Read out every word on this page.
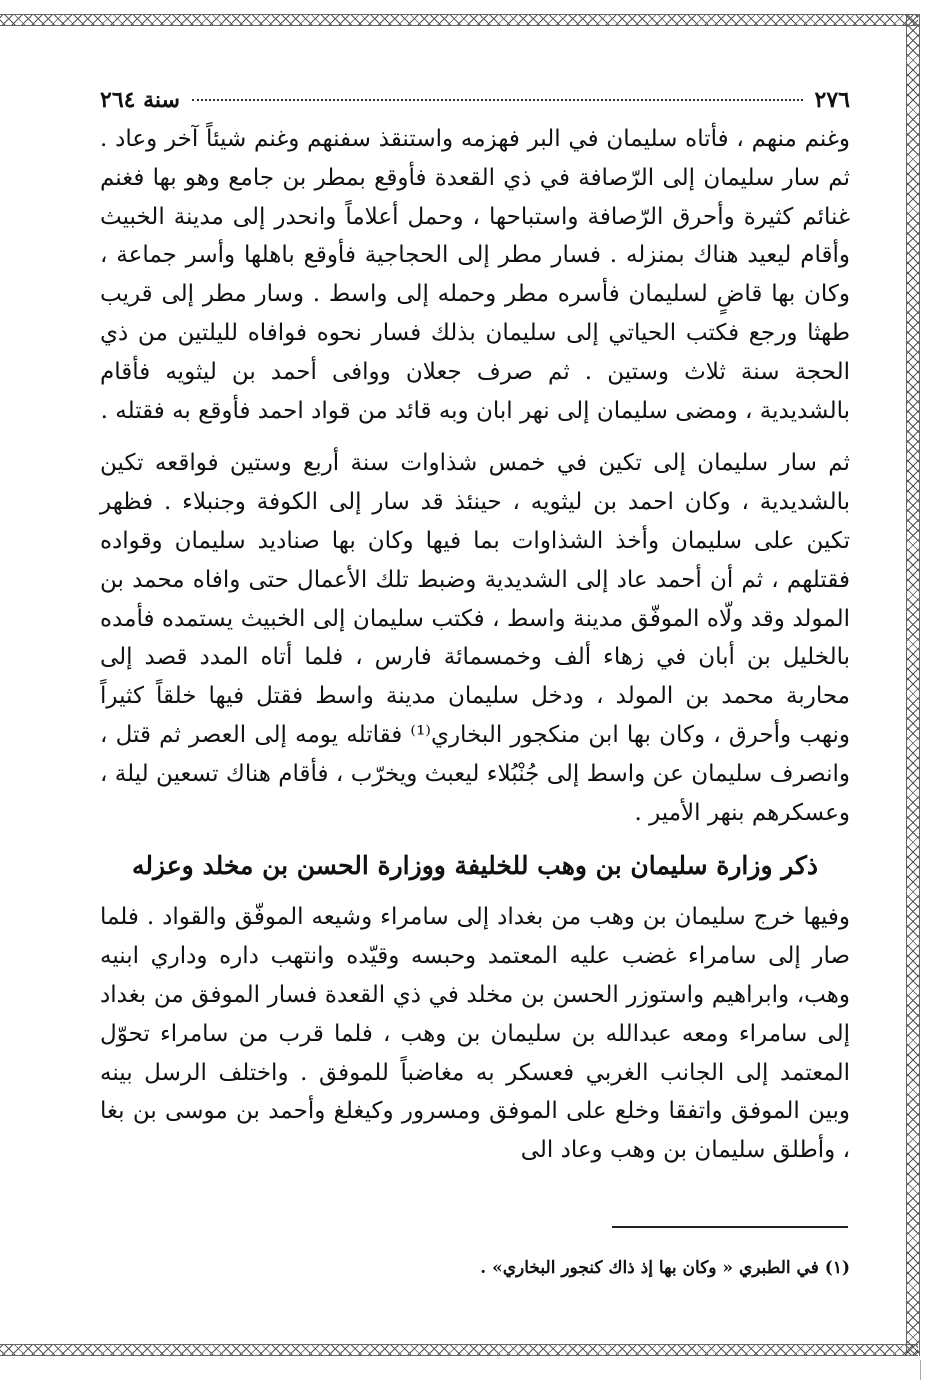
٢٧٦
سنة ٢٦٤

وغنم منهم ، فأتاه سليمان في البر فهزمه واستنقذ سفنهم وغنم شيئاً آخر وعاد . ثم سار سليمان إلى الرّصافة في ذي القعدة فأوقع بمطر بن جامع وهو بها فغنم غنائم كثيرة وأحرق الرّصافة واستباحها ، وحمل أعلاماً وانحدر إلى مدينة الخبيث وأقام ليعيد هناك بمنزله . فسار مطر إلى الحجاجية فأوقع باهلها وأسر جماعة ، وكان بها قاضٍ لسليمان فأسره مطر وحمله إلى واسط . وسار مطر إلى قريب طهثا ورجع فكتب الحياتي إلى سليمان بذلك فسار نحوه فوافاه لليلتين من ذي الحجة سنة ثلاث وستين . ثم صرف جعلان ووافى أحمد بن ليثويه فأقام بالشديدية ، ومضى سليمان إلى نهر ابان وبه قائد من قواد احمد فأوقع به فقتله .

ثم سار سليمان إلى تكين في خمس شذاوات سنة أربع وستين فواقعه تكين بالشديدية ، وكان احمد بن ليثويه ، حينئذ قد سار إلى الكوفة وجنبلاء . فظهر تكين على سليمان وأخذ الشذاوات بما فيها وكان بها صناديد سليمان وقواده فقتلهم ، ثم أن أحمد عاد إلى الشديدية وضبط تلك الأعمال حتى وافاه محمد بن المولد وقد ولّاه الموفّق مدينة واسط ، فكتب سليمان إلى الخبيث يستمده فأمده بالخليل بن أبان في زهاء ألف وخمسمائة فارس ، فلما أتاه المدد قصد إلى محاربة محمد بن المولد ، ودخل سليمان مدينة واسط فقتل فيها خلقاً كثيراً ونهب وأحرق ، وكان بها ابن منكجور البخاري⁽¹⁾ فقاتله يومه إلى العصر ثم قتل ، وانصرف سليمان عن واسط إلى جُنْبُلاء ليعبث ويخرّب ، فأقام هناك تسعين ليلة ، وعسكرهم بنهر الأمير .

ذكر وزارة سليمان بن وهب للخليفة ووزارة الحسن بن مخلد وعزله

وفيها خرج سليمان بن وهب من بغداد إلى سامراء وشيعه الموفّق والقواد . فلما صار إلى سامراء غضب عليه المعتمد وحبسه وقيّده وانتهب داره وداري ابنيه وهب، وابراهيم واستوزر الحسن بن مخلد في ذي القعدة فسار الموفق من بغداد إلى سامراء ومعه عبدالله بن سليمان بن وهب ، فلما قرب من سامراء تحوّل المعتمد إلى الجانب الغربي فعسكر به مغاضباً للموفق . واختلف الرسل بينه وبين الموفق واتفقا وخلع على الموفق ومسرور وكيغلغ وأحمد بن موسى بن بغا ، وأطلق سليمان بن وهب وعاد الى

(١) في الطبري « وكان بها إذ ذاك كنجور البخاري» .
